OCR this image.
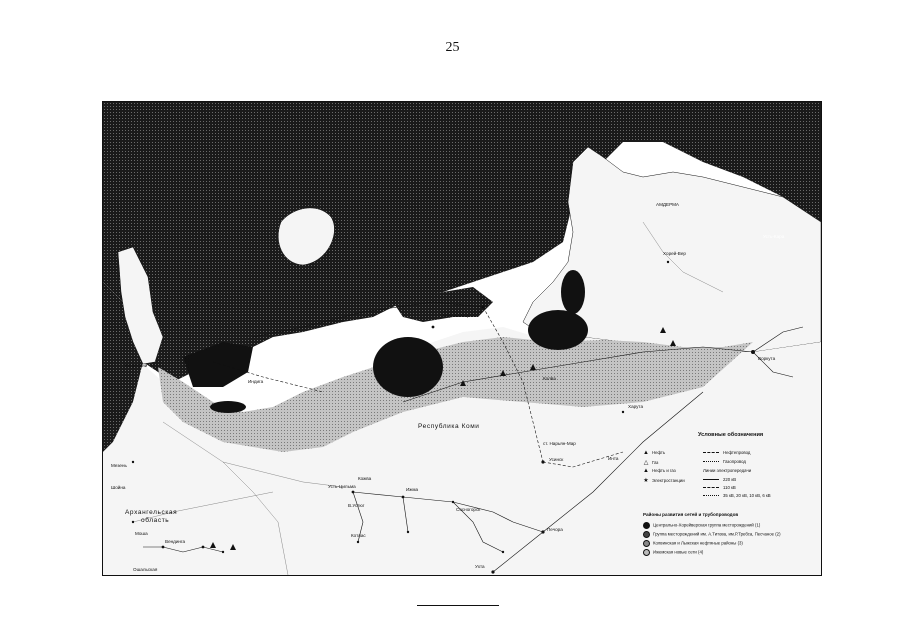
25
АМДЕРМА
Усть-Кара
Республика Коми
Архангельская
область
Нарьян-Мар
Хорей-Вер
Усинск
Печора
Ухта
Инта
Воркута
Мезень
Шойна
Индига
Колва
Харута
Кожва
Усть-Цильма
Ижма
Сосногорск
В.Устюг
Котлас
Моша
Вендинга
Ошальская
Канинский
ст. Нарьян-Мар
Условные обозначения
▲ Нефть
△ Газ
▲ Нефть и газ
★ Электростанции
Нефтепровод
Газопровод
Линии электропередачи
220 кВ
110 кВ
35 кВ, 20 кВ, 10 кВ, 6 кВ
Районы развития сетей и трубопроводов
Центрально-Хорейверская группа месторождений (1)
Группа месторождений им. А.Титова, им.Р.Требса, Песчаное (2)
Колвинская и Лыжская нефтяные районы (3)
Ижемская новые сети (4)
